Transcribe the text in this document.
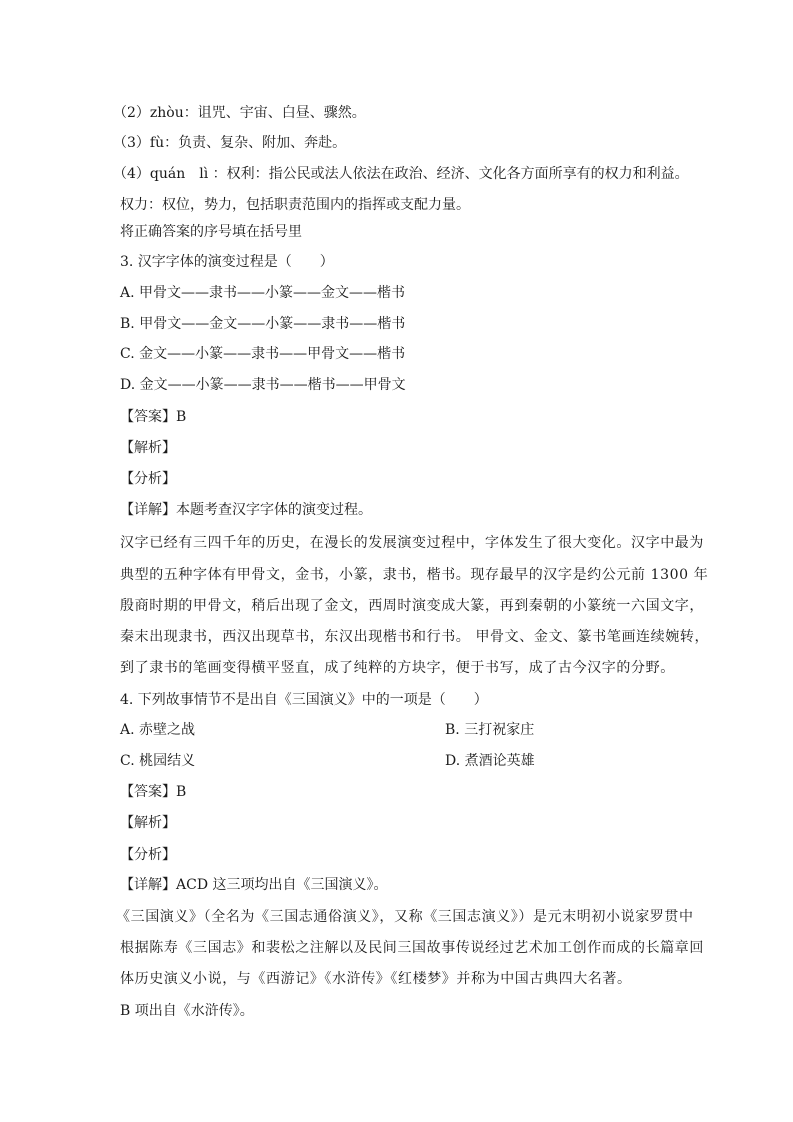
（2）zhòu：诅咒、宇宙、白昼、骤然。
（3）fù：负责、复杂、附加、奔赴。
（4）quán　lì ：权利：指公民或法人依法在政治、经济、文化各方面所享有的权力和利益。
权力：权位，势力，包括职责范围内的指挥或支配力量。
将正确答案的序号填在括号里
3. 汉字字体的演变过程是（　　）
A. 甲骨文——隶书——小篆——金文——楷书
B. 甲骨文——金文——小篆——隶书——楷书
C. 金文——小篆——隶书——甲骨文——楷书
D. 金文——小篆——隶书——楷书——甲骨文
【答案】B
【解析】
【分析】
【详解】本题考查汉字字体的演变过程。
汉字已经有三四千年的历史，在漫长的发展演变过程中，字体发生了很大变化。汉字中最为
典型的五种字体有甲骨文，金书，小篆，隶书，楷书。现存最早的汉字是约公元前 1300 年
殷商时期的甲骨文，稍后出现了金文，西周时演变成大篆，再到秦朝的小篆统一六国文字，
秦末出现隶书，西汉出现草书，东汉出现楷书和行书。 甲骨文、金文、篆书笔画连续婉转，
到了隶书的笔画变得横平竖直，成了纯粹的方块字，便于书写，成了古今汉字的分野。
4. 下列故事情节不是出自《三国演义》中的一项是（　　）
A. 赤壁之战	B. 三打祝家庄
C. 桃园结义	D. 煮酒论英雄
【答案】B
【解析】
【分析】
【详解】ACD 这三项均出自《三国演义》。
《三国演义》（全名为《三国志通俗演义》，又称《三国志演义》）是元末明初小说家罗贯中
根据陈寿《三国志》和裴松之注解以及民间三国故事传说经过艺术加工创作而成的长篇章回
体历史演义小说，与《西游记》《水浒传》《红楼梦》并称为中国古典四大名著。
B 项出自《水浒传》。
